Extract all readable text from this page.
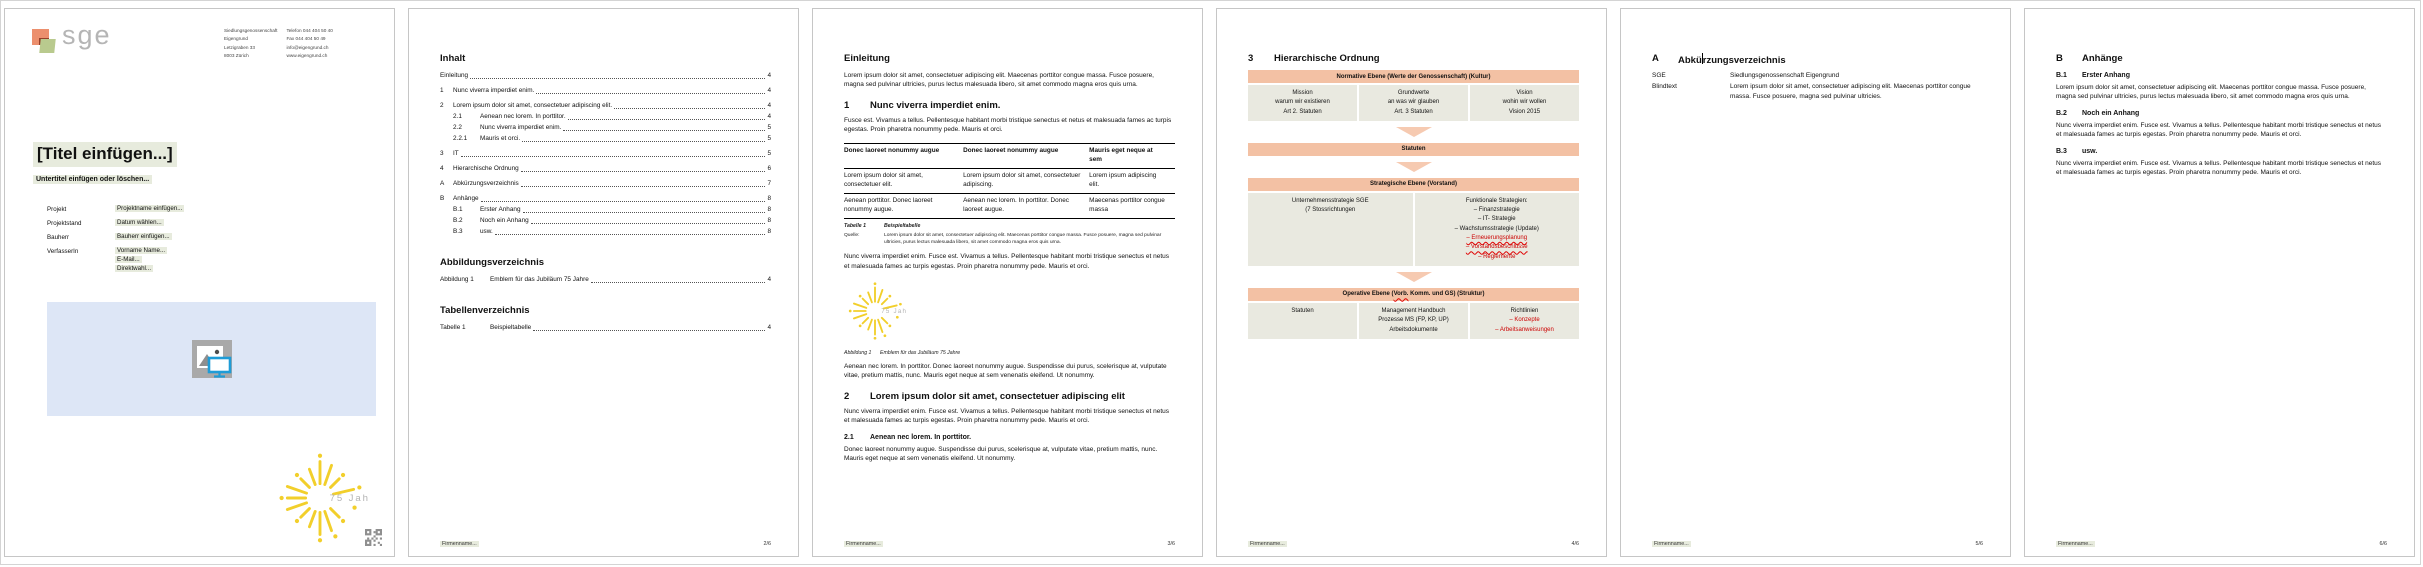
sge	Siedlungsgenossenschaft
Eigengrund
Letzigraben 33
8003 Zürich
Telefon 044 404 50 40
Fax 044 404 50 49
info@eigengrund.ch
www.eigengrund.ch
[Titel einfügen...]
Untertitel einfügen oder löschen...
Projekt	Projektname einfügen...
Projektstand	Datum wählen...
Bauherr	Bauherr einfügen...
VerfasserIn	Vorname Name...
E-Mail...
Direktwahl...
Inhalt
Einleitung	4
1	Nunc viverra imperdiet enim.	4
2	Lorem ipsum dolor sit amet, consectetuer adipiscing elit.	4
2.1	Aenean nec lorem. In porttitor.	4
2.2	Nunc viverra imperdiet enim.	5
2.2.1	Mauris et orci.	5
3	IT	5
4	Hierarchische Ordnung	6
A	Abkürzungsverzeichnis	7
B	Anhänge	8
B.1	Erster Anhang	8
B.2	Noch ein Anhang	8
B.3	usw.	8
Abbildungsverzeichnis
Abbildung 1	Emblem für das Jubiläum 75 Jahre	4
Tabellenverzeichnis
Tabelle 1	Beispieltabelle	4
Firmenname...	2/6
Einleitung

Lorem ipsum dolor sit amet, consectetuer adipiscing elit. Maecenas porttitor congue massa. Fusce posuere, magna sed pulvinar ultricies, purus lectus malesuada libero, sit amet commodo magna eros quis urna.

1	Nunc viverra imperdiet enim.

Fusce est. Vivamus a tellus. Pellentesque habitant morbi tristique senectus et netus et malesuada fames ac turpis egestas. Proin pharetra nonummy pede. Mauris et orci.

Donec laoreet nonummy augue	Donec laoreet nonummy augue	Mauris eget neque at sem
Lorem ipsum dolor sit amet, consectetuer elit.	Lorem ipsum dolor sit amet, consectetuer adipiscing.	Lorem ipsum adipiscing elit.
Aenean porttitor. Donec laoreet nonummy augue.	Aenean nec lorem. In porttitor. Donec laoreet augue.	Maecenas porttitor congue massa
Tabelle 1	Beispieltabelle
Quelle:	Lorem ipsum dolor sit amet, consectetuer adipiscing elit. Maecenas porttitor congue massa. Fusce posuere, magna sed pulvinar ultricies, purus lectus malesuada libero, sit amet commodo magna eros quis urna.

Nunc viverra imperdiet enim. Fusce est. Vivamus a tellus. Pellentesque habitant morbi tristique senectus et netus et malesuada fames ac turpis egestas. Proin pharetra nonummy pede. Mauris et orci.

Abbildung 1	Emblem für das Jubiläum 75 Jahre

Aenean nec lorem. In porttitor. Donec laoreet nonummy augue. Suspendisse dui purus, scelerisque at, vulputate vitae, pretium mattis, nunc. Mauris eget neque at sem venenatis eleifend. Ut nonummy.

2	Lorem ipsum dolor sit amet, consectetuer adipiscing elit

Nunc viverra imperdiet enim. Fusce est. Vivamus a tellus. Pellentesque habitant morbi tristique senectus et netus et malesuada fames ac turpis egestas. Proin pharetra nonummy pede. Mauris et orci.

2.1	Aenean nec lorem. In porttitor.

Donec laoreet nonummy augue. Suspendisse dui purus, scelerisque at, vulputate vitae, pretium mattis, nunc. Mauris eget neque at sem venenatis eleifend. Ut nonummy.

Firmenname...	3/6
3	Hierarchische Ordnung
Normative Ebene (Werte der Genossenschaft) (Kultur)
Mission
warum wir existieren
Art 2. Statuten
Grundwerte
an was wir glauben
Art. 3 Statuten
Vision
wohin wir wollen
Vision 2015
Statuten
Strategische Ebene (Vorstand)
Unternehmensstrategie SGE
(7 Stossrichtungen
Funktionale Strategien:
– Finanzstrategie
– IT- Strategie
– Wachstumsstrategie (Update)
– Erneuerungsplanung
– Vorstandsbeschlüsse
– Reglemente
Operative Ebene (Vorb. Komm. und GS) (Struktur)
Statuten	Management Handbuch
Prozesse MS (FP, KP, UP)
Arbeitsdokumente
Richtlinien
– Konzepte
– Arbeitsanweisungen
Firmenname...	4/6
A	Abkürzungsverzeichnis
SGE	Siedlungsgenossenschaft Eigengrund
Blindtext	Lorem ipsum dolor sit amet, consectetuer adipiscing elit. Maecenas porttitor congue massa. Fusce posuere, magna sed pulvinar ultricies.
Firmenname...	5/6
B	Anhänge
B.1	Erster Anhang

Lorem ipsum dolor sit amet, consectetuer adipiscing elit. Maecenas porttitor congue massa. Fusce posuere, magna sed pulvinar ultricies, purus lectus malesuada libero, sit amet commodo magna eros quis urna.

B.2	Noch ein Anhang

Nunc viverra imperdiet enim. Fusce est. Vivamus a tellus. Pellentesque habitant morbi tristique senectus et netus et malesuada fames ac turpis egestas. Proin pharetra nonummy pede. Mauris et orci.

B.3	usw.

Nunc viverra imperdiet enim. Fusce est. Vivamus a tellus. Pellentesque habitant morbi tristique senectus et netus et malesuada fames ac turpis egestas. Proin pharetra nonummy pede. Mauris et orci.

Firmenname...	6/6
